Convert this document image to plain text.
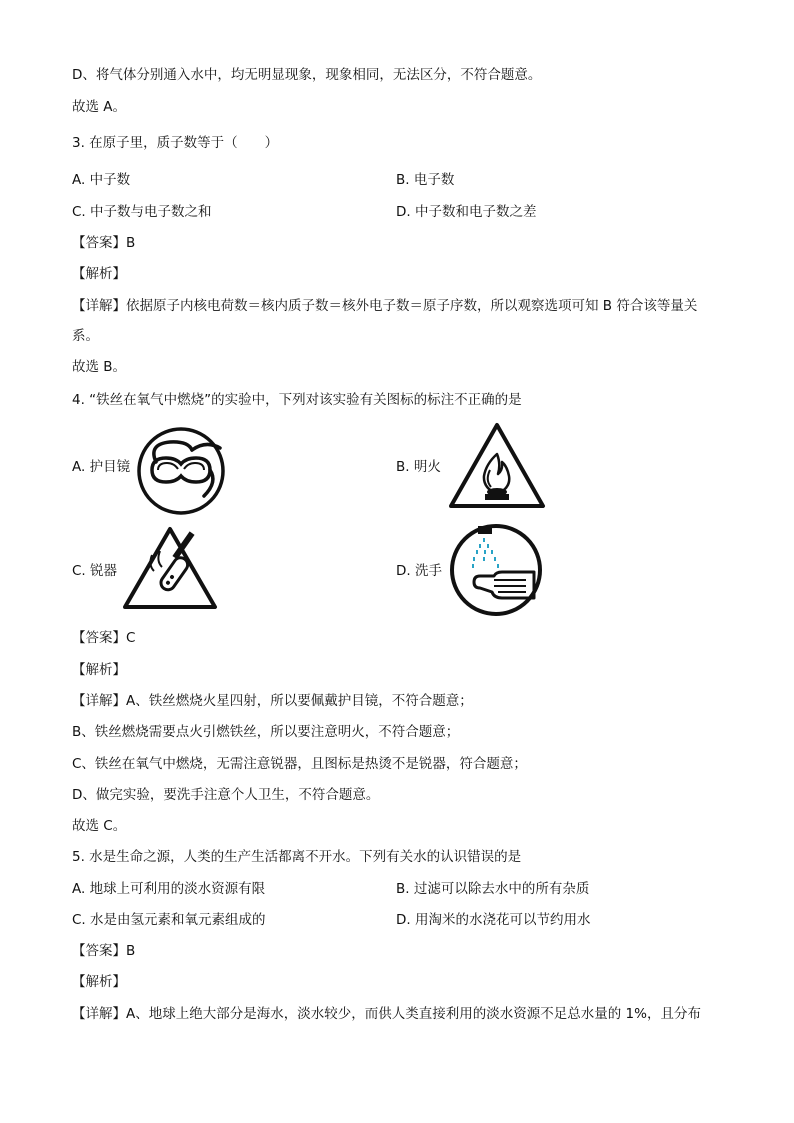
D、将气体分别通入水中，均无明显现象，现象相同，无法区分，不符合题意。
故选 A。
3. 在原子里，质子数等于（　　）
A. 中子数	B. 电子数
C. 中子数与电子数之和	D. 中子数和电子数之差
【答案】B
【解析】
【详解】依据原子内核电荷数＝核内质子数＝核外电子数＝原子序数，所以观察选项可知 B 符合该等量关
系。
故选 B。
4. “铁丝在氧气中燃烧”的实验中，下列对该实验有关图标的标注不正确的是
A. 护目镜	B. 明火
C. 锐器	D. 洗手
【答案】C
【解析】
【详解】A、铁丝燃烧火星四射，所以要佩戴护目镜，不符合题意；
B、铁丝燃烧需要点火引燃铁丝，所以要注意明火，不符合题意；
C、铁丝在氧气中燃烧，无需注意锐器，且图标是热烫不是锐器，符合题意；
D、做完实验，要洗手注意个人卫生，不符合题意。
故选 C。
5. 水是生命之源，人类的生产生活都离不开水。下列有关水的认识错误的是
A. 地球上可利用的淡水资源有限	B. 过滤可以除去水中的所有杂质
C. 水是由氢元素和氧元素组成的	D. 用淘米的水浇花可以节约用水
【答案】B
【解析】
【详解】A、地球上绝大部分是海水，淡水较少，而供人类直接利用的淡水资源不足总水量的 1%，且分布
